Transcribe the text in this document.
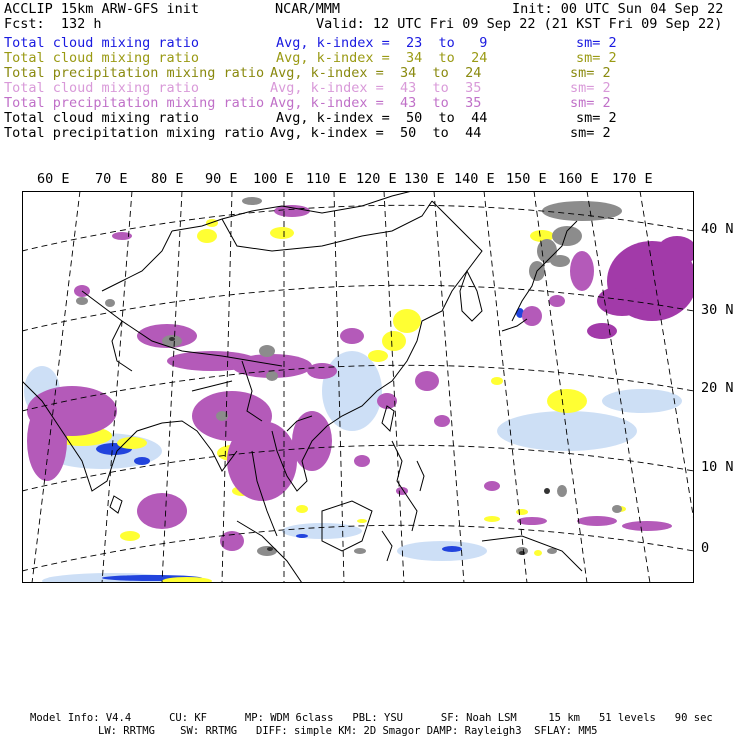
ACCLIP 15km ARW-GFS init	NCAR/MMM	Init: 00 UTC Sun 04 Sep 22
Fcst:  132 h	Valid: 12 UTC Fri 09 Sep 22 (21 KST Fri 09 Sep 22)
Total cloud mixing ratio	Avg, k-index =  23  to   9	sm= 2
Total cloud mixing ratio	Avg, k-index =  34  to  24	sm= 2
Total precipitation mixing ratio Avg, k-index =  34  to  24	sm= 2
Total cloud mixing ratio	Avg, k-index =  43  to  35	sm= 2
Total precipitation mixing ratio Avg, k-index =  43  to  35	sm= 2
Total cloud mixing ratio	Avg, k-index =  50  to  44	sm= 2
Total precipitation mixing ratio Avg, k-index =  50  to  44	sm= 2
60 E 70 E 80 E 90 E 100 E 110 E 120 E 130 E 140 E 150 E 160 E 170 E
40 N
30 N
20 N
10 N
0
Model Info: V4.4      CU: KF      MP: WDM 6class   PBL: YSU      SF: Noah LSM     15 km   51 levels   90 sec
LW: RRTMG    SW: RRTMG   DIFF: simple KM: 2D Smagor DAMP: Rayleigh3  SFLAY: MM5
